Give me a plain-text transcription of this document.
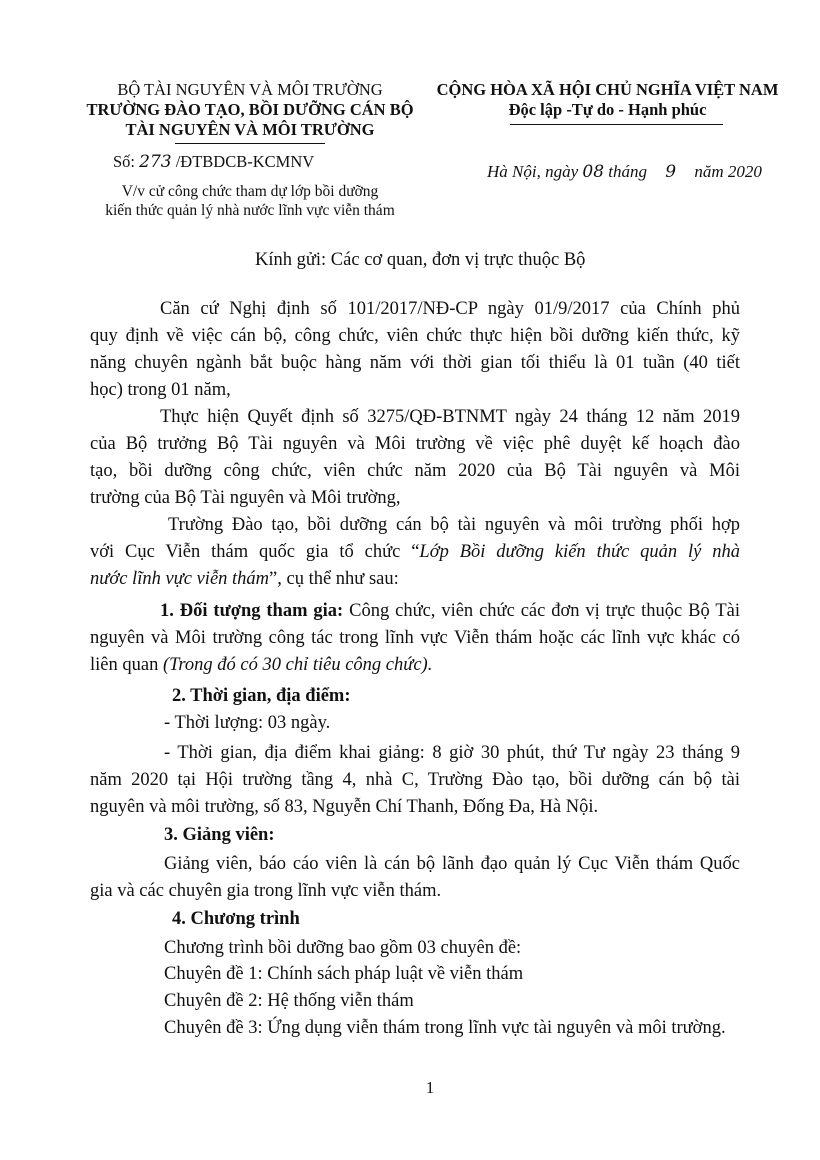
BỘ TÀI NGUYÊN VÀ MÔI TRƯỜNG
TRƯỜNG ĐÀO TẠO, BỒI DƯỠNG CÁN BỘ
TÀI NGUYÊN VÀ MÔI TRƯỜNG
Số: 273 /ĐTBDCB-KCMNV
V/v cử công chức tham dự lớp bồi dưỡng
kiến thức quản lý nhà nước lĩnh vực viễn thám
CỘNG HÒA XÃ HỘI CHỦ NGHĨA VIỆT NAM
Độc lập -Tự do - Hạnh phúc
Hà Nội, ngày 08 tháng 9 năm 2020
Kính gửi: Các cơ quan, đơn vị trực thuộc Bộ
Căn cứ Nghị định số 101/2017/NĐ-CP ngày 01/9/2017 của Chính phủ
quy định về việc cán bộ, công chức, viên chức thực hiện bồi dưỡng kiến thức, kỹ
năng chuyên ngành bắt buộc hàng năm với thời gian tối thiểu là 01 tuần (40 tiết
học) trong 01 năm,
Thực hiện Quyết định số 3275/QĐ-BTNMT ngày 24 tháng 12 năm 2019
của Bộ trưởng Bộ Tài nguyên và Môi trường về việc phê duyệt kế hoạch đào
tạo, bồi dưỡng công chức, viên chức năm 2020 của Bộ Tài nguyên và Môi
trường của Bộ Tài nguyên và Môi trường,
Trường Đào tạo, bồi dưỡng cán bộ tài nguyên và môi trường phối hợp
với Cục Viễn thám quốc gia tổ chức “Lớp Bồi dưỡng kiến thức quản lý nhà
nước lĩnh vực viễn thám”, cụ thể như sau:
1. Đối tượng tham gia: Công chức, viên chức các đơn vị trực thuộc Bộ Tài
nguyên và Môi trường công tác trong lĩnh vực Viễn thám hoặc các lĩnh vực khác có
liên quan (Trong đó có 30 chỉ tiêu công chức).
2. Thời gian, địa điểm:
- Thời lượng: 03 ngày.
- Thời gian, địa điểm khai giảng: 8 giờ 30 phút, thứ Tư ngày 23 tháng 9
năm 2020 tại Hội trường tầng 4, nhà C, Trường Đào tạo, bồi dưỡng cán bộ tài
nguyên và môi trường, số 83, Nguyễn Chí Thanh, Đống Đa, Hà Nội.
3. Giảng viên:
Giảng viên, báo cáo viên là cán bộ lãnh đạo quản lý Cục Viễn thám Quốc
gia và các chuyên gia trong lĩnh vực viễn thám.
4. Chương trình
Chương trình bồi dưỡng bao gồm 03 chuyên đề:
Chuyên đề 1: Chính sách pháp luật về viễn thám
Chuyên đề 2: Hệ thống viễn thám
Chuyên đề 3: Ứng dụng viễn thám trong lĩnh vực tài nguyên và môi trường.
1
